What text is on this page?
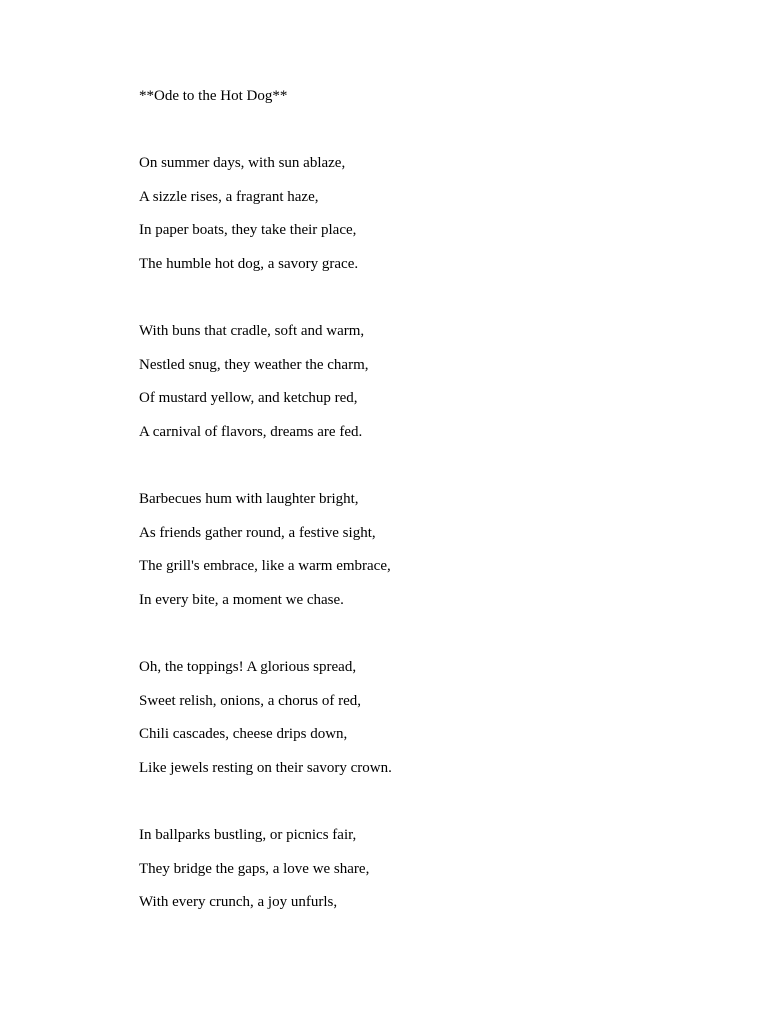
**Ode to the Hot Dog**

On summer days, with sun ablaze,

A sizzle rises, a fragrant haze,

In paper boats, they take their place,

The humble hot dog, a savory grace.

With buns that cradle, soft and warm,

Nestled snug, they weather the charm,

Of mustard yellow, and ketchup red,

A carnival of flavors, dreams are fed.

Barbecues hum with laughter bright,

As friends gather round, a festive sight,

The grill's embrace, like a warm embrace,

In every bite, a moment we chase.

Oh, the toppings! A glorious spread,

Sweet relish, onions, a chorus of red,

Chili cascades, cheese drips down,

Like jewels resting on their savory crown.

In ballparks bustling, or picnics fair,

They bridge the gaps, a love we share,

With every crunch, a joy unfurls,
